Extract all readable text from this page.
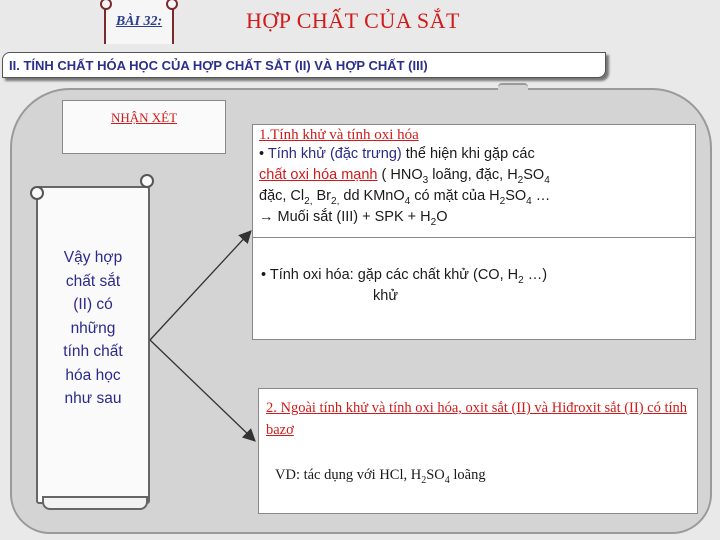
BÀI 32:	HỢP CHẤT CỦA SẮT
II. TÍNH CHẤT HÓA HỌC CỦA HỢP CHẤT SẮT (II) VÀ HỢP CHẤT (III)
NHẬN XÉT
Vậy hợp
chất sắt
(II) có
những
tính chất
hóa học
như sau
1.Tính khử và tính oxi hóa
• Tính khử (đặc trưng) thể hiện khi gặp các
chất oxi hóa mạnh ( $HNO_3$ loãng, đặc, $H_2SO_4$
đặc, $Cl_{2,}$ $Br_{2,}$ dd KMnO$_4$ có mặt của $H_2SO_4$ …
→ Muối sắt (III) + SPK + $H_2O$
• Tính oxi hóa: gặp các chất khử (CO, $H_2$ …)
khử
2. Ngoài tính khử và tính oxi hóa, oxit sắt (II) và Hiđroxit sắt (II) có tính bazơ
VD: tác dụng với HCl, $H_2SO_4$ loãng
